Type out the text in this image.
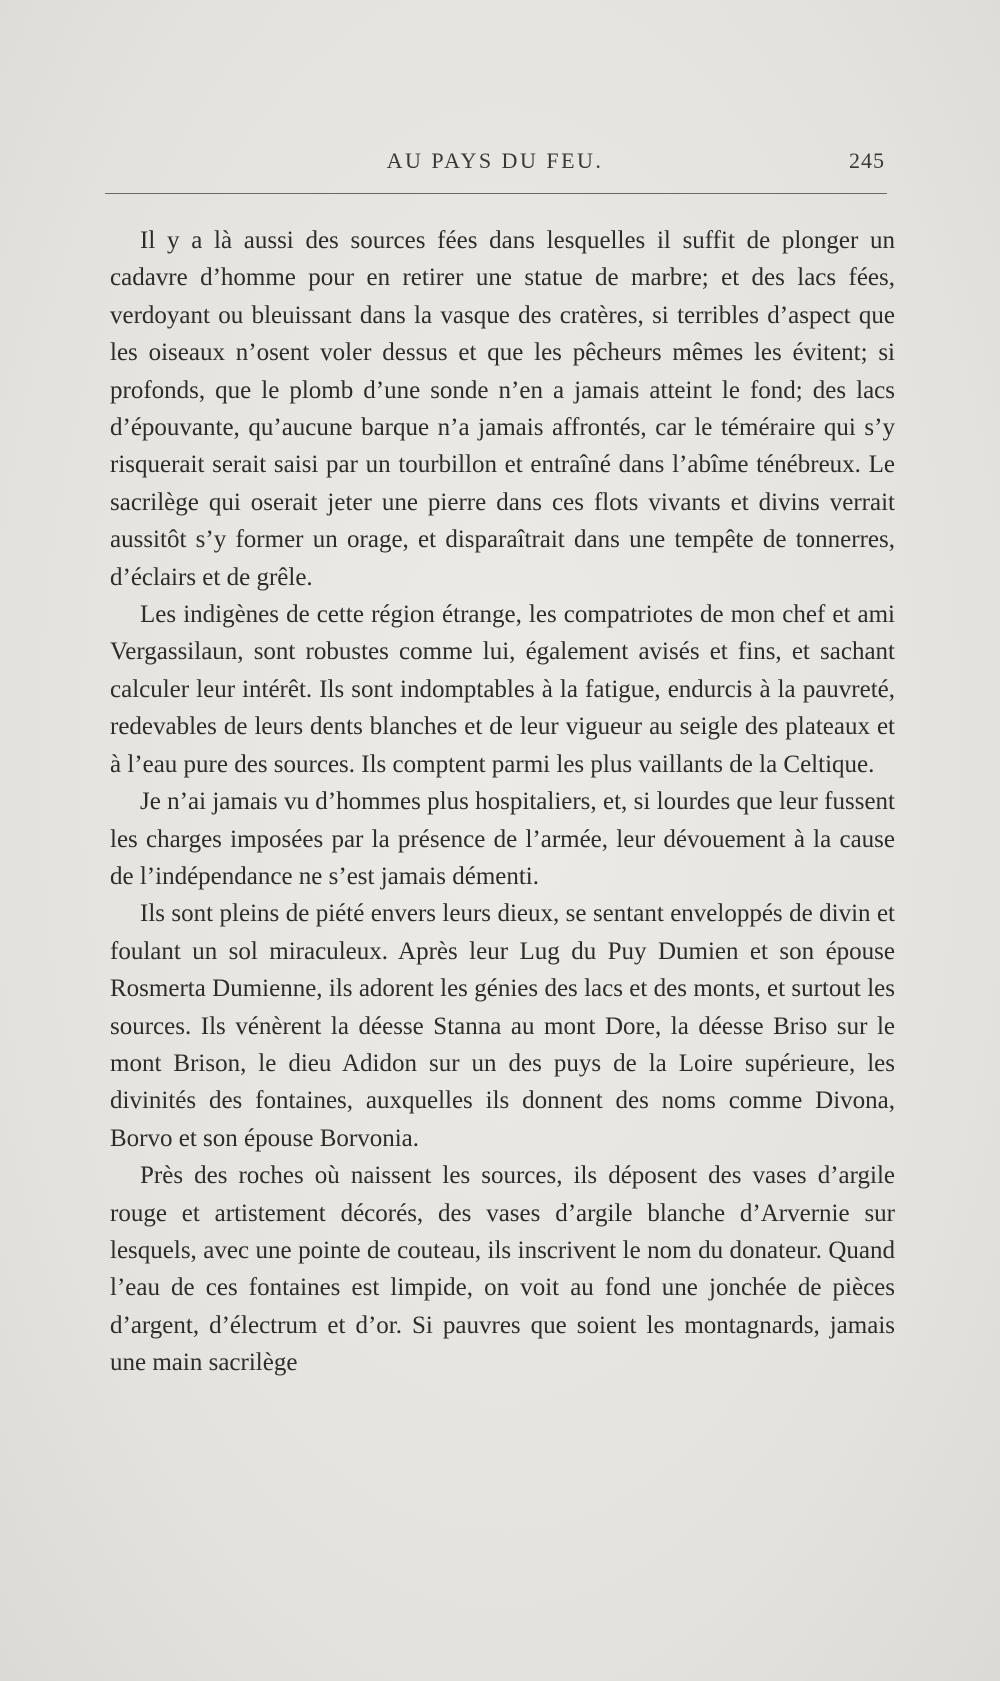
AU PAYS DU FEU.	245

Il y a là aussi des sources fées dans lesquelles il suffit de plonger un cadavre d’homme pour en retirer une statue de marbre; et des lacs fées, verdoyant ou bleuissant dans la vasque des cratères, si terribles d’aspect que les oiseaux n’osent voler dessus et que les pêcheurs mêmes les évitent; si profonds, que le plomb d’une sonde n’en a jamais atteint le fond; des lacs d’épouvante, qu’aucune barque n’a jamais affrontés, car le téméraire qui s’y risquerait serait saisi par un tourbillon et entraîné dans l’abîme ténébreux. Le sacrilège qui oserait jeter une pierre dans ces flots vivants et divins verrait aussitôt s’y former un orage, et disparaîtrait dans une tempête de tonnerres, d’éclairs et de grêle.

Les indigènes de cette région étrange, les compatriotes de mon chef et ami Vergassilaun, sont robustes comme lui, également avisés et fins, et sachant calculer leur intérêt. Ils sont indomptables à la fatigue, endurcis à la pauvreté, redevables de leurs dents blanches et de leur vigueur au seigle des plateaux et à l’eau pure des sources. Ils comptent parmi les plus vaillants de la Celtique.

Je n’ai jamais vu d’hommes plus hospitaliers, et, si lourdes que leur fussent les charges imposées par la présence de l’armée, leur dévouement à la cause de l’indépendance ne s’est jamais démenti.

Ils sont pleins de piété envers leurs dieux, se sentant enveloppés de divin et foulant un sol miraculeux. Après leur Lug du Puy Dumien et son épouse Rosmerta Dumienne, ils adorent les génies des lacs et des monts, et surtout les sources. Ils vénèrent la déesse Stanna au mont Dore, la déesse Briso sur le mont Brison, le dieu Adidon sur un des puys de la Loire supérieure, les divinités des fontaines, auxquelles ils donnent des noms comme Divona, Borvo et son épouse Borvonia.

Près des roches où naissent les sources, ils déposent des vases d’argile rouge et artistement décorés, des vases d’argile blanche d’Arvernie sur lesquels, avec une pointe de couteau, ils inscrivent le nom du donateur. Quand l’eau de ces fontaines est limpide, on voit au fond une jonchée de pièces d’argent, d’électrum et d’or. Si pauvres que soient les montagnards, jamais une main sacrilège
